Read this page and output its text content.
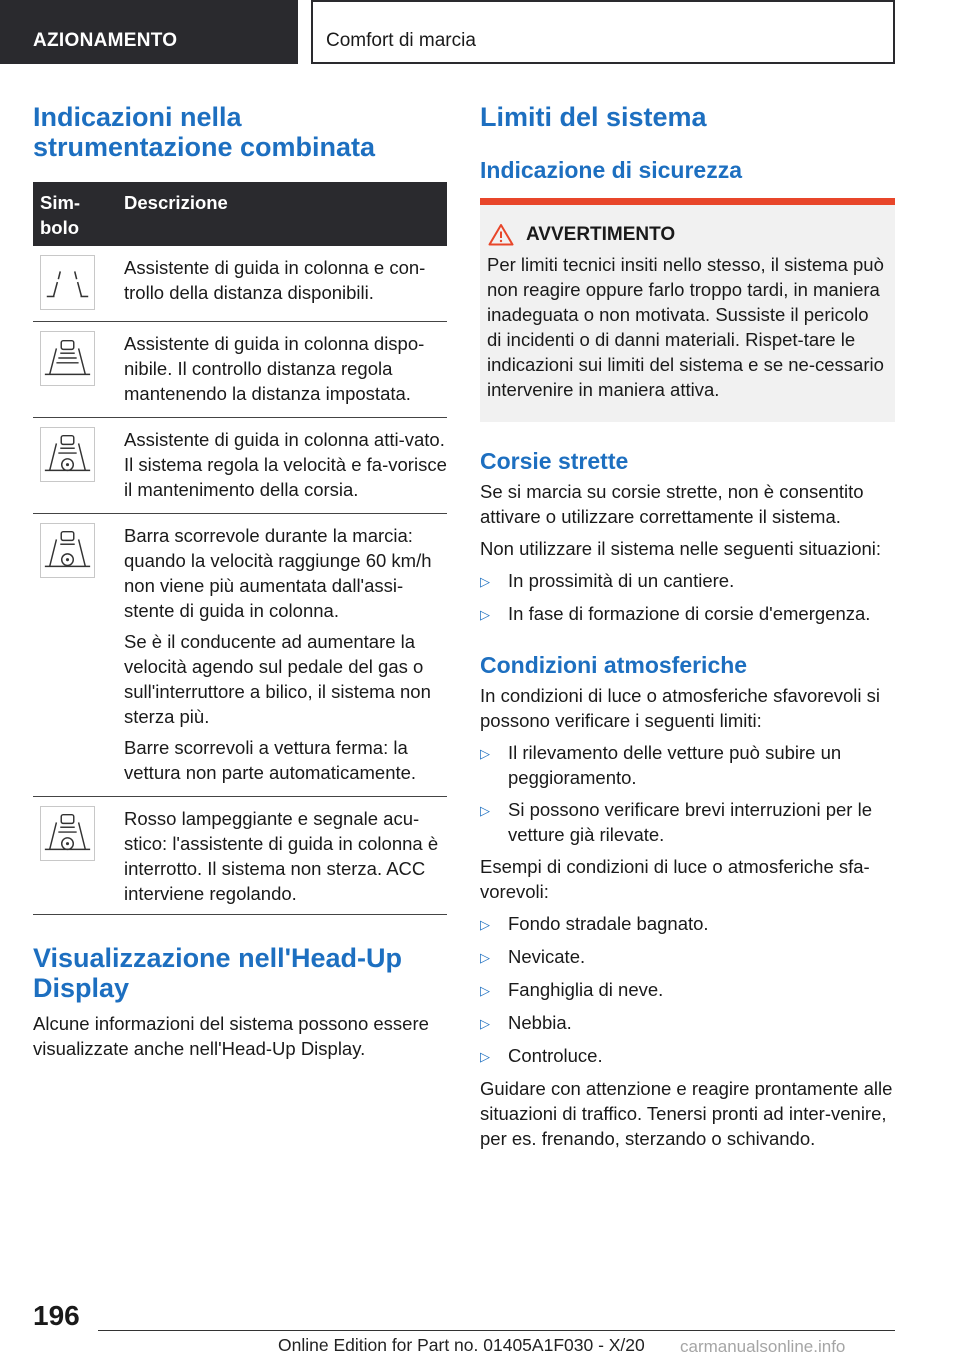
AZIONAMENTO	Comfort di marcia
Indicazioni nella strumentazione combinata
Sim‐
bolo
Descrizione
Assistente di guida in colonna e con‐trollo della distanza disponibili.
Assistente di guida in colonna dispo‐nibile. Il controllo distanza regola mantenendo la distanza impostata.
Assistente di guida in colonna atti‐vato. Il sistema regola la velocità e fa‐vorisce il mantenimento della corsia.
Barra scorrevole durante la marcia: quando la velocità raggiunge 60 km/h non viene più aumentata dall'assi‐stente di guida in colonna.
Se è il conducente ad aumentare la velocità agendo sul pedale del gas o sull'interruttore a bilico, il sistema non sterza più.
Barre scorrevoli a vettura ferma: la vettura non parte automaticamente.
Rosso lampeggiante e segnale acu‐stico: l'assistente di guida in colonna è interrotto. Il sistema non sterza. ACC interviene regolando.
Visualizzazione nell'Head-Up Display
Alcune informazioni del sistema possono essere visualizzate anche nell'Head-Up Display.
Limiti del sistema
Indicazione di sicurezza
AVVERTIMENTO
Per limiti tecnici insiti nello stesso, il sistema può non reagire oppure farlo troppo tardi, in maniera inadeguata o non motivata. Sussiste il pericolo di incidenti o di danni materiali. Rispet‐tare le indicazioni sui limiti del sistema e se ne‐cessario intervenire in maniera attiva.
Corsie strette
Se si marcia su corsie strette, non è consentito attivare o utilizzare correttamente il sistema.
Non utilizzare il sistema nelle seguenti situazioni:
▷ In prossimità di un cantiere.
▷ In fase di formazione di corsie d'emergenza.
Condizioni atmosferiche
In condizioni di luce o atmosferiche sfavorevoli si possono verificare i seguenti limiti:
▷ Il rilevamento delle vetture può subire un peggioramento.
▷ Si possono verificare brevi interruzioni per le vetture già rilevate.
Esempi di condizioni di luce o atmosferiche sfa‐vorevoli:
▷ Fondo stradale bagnato.
▷ Nevicate.
▷ Fanghiglia di neve.
▷ Nebbia.
▷ Controluce.
Guidare con attenzione e reagire prontamente alle situazioni di traffico. Tenersi pronti ad inter‐venire, per es. frenando, sterzando o schivando.
196
Online Edition for Part no. 01405A1F030 - X/20 carmanualsonline.info
